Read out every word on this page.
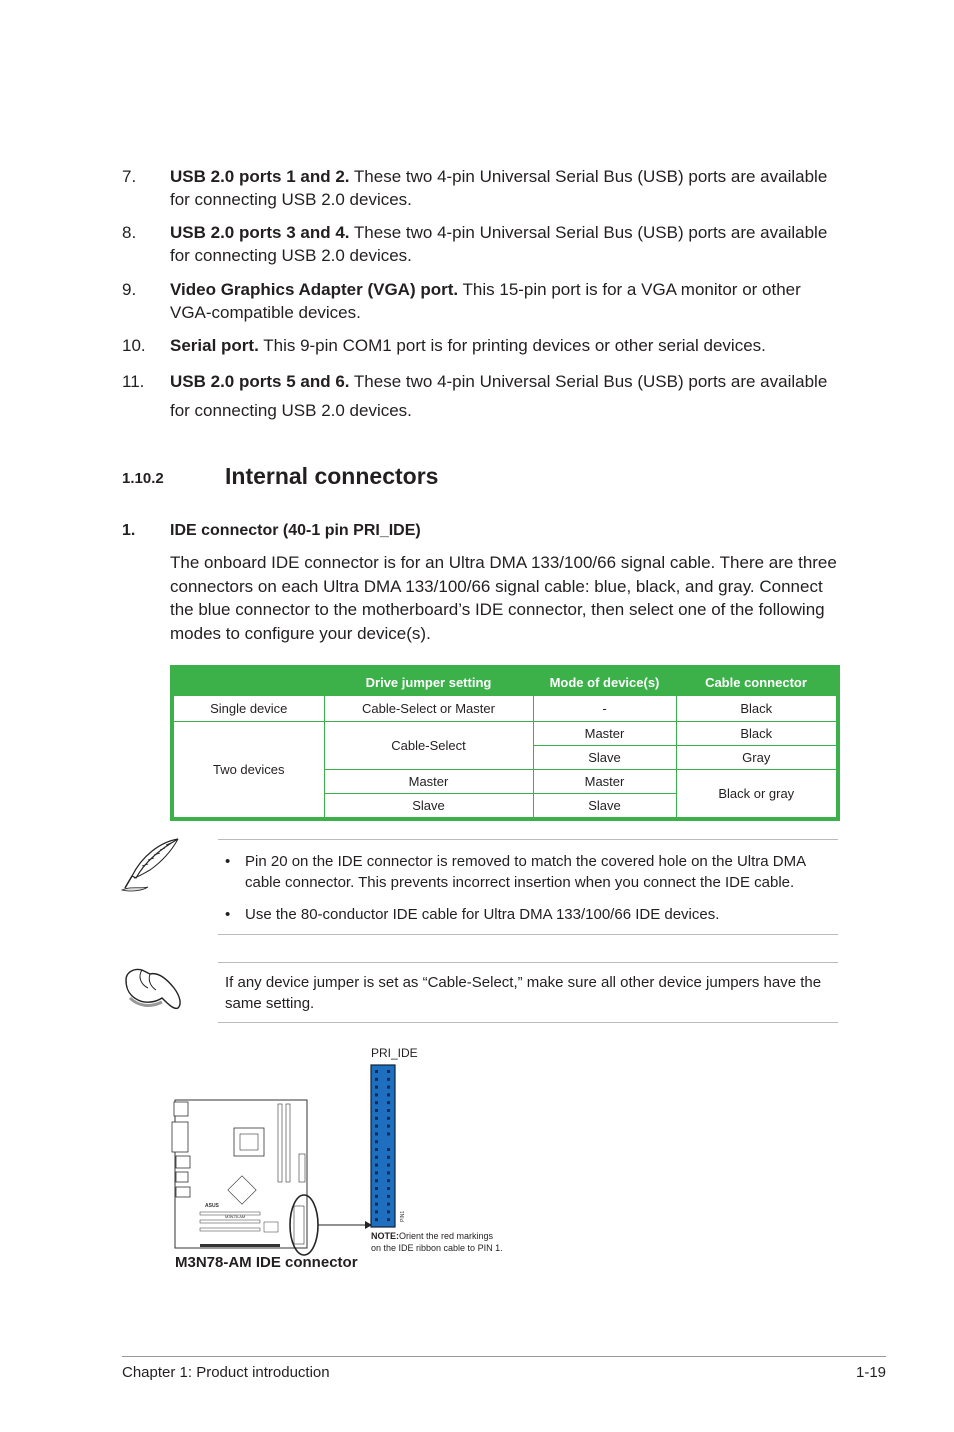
7. USB 2.0 ports 1 and 2. These two 4-pin Universal Serial Bus (USB) ports are available for connecting USB 2.0 devices.
8. USB 2.0 ports 3 and 4. These two 4-pin Universal Serial Bus (USB) ports are available for connecting USB 2.0 devices.
9. Video Graphics Adapter (VGA) port. This 15-pin port is for a VGA monitor or other VGA-compatible devices.
10. Serial port. This 9-pin COM1 port is for printing devices or other serial devices.
11. USB 2.0 ports 5 and 6. These two 4-pin Universal Serial Bus (USB) ports are available for connecting USB 2.0 devices.
1.10.2	Internal connectors
1. IDE connector (40-1 pin PRI_IDE)
The onboard IDE connector is for an Ultra DMA 133/100/66 signal cable. There are three connectors on each Ultra DMA 133/100/66 signal cable: blue, black, and gray. Connect the blue connector to the motherboard’s IDE connector, then select one of the following modes to configure your device(s).
	Drive jumper setting	Mode of device(s)	Cable connector
Single device	Cable-Select or Master	-	Black
Two devices	Cable-Select	Master	Black
		Slave	Gray
	Master	Master	Black or gray
	Slave	Slave	
• Pin 20 on the IDE connector is removed to match the covered hole on the Ultra DMA cable connector. This prevents incorrect insertion when you connect the IDE cable.
• Use the 80-conductor IDE cable for Ultra DMA 133/100/66 IDE devices.
If any device jumper is set as “Cable-Select,” make sure all other device jumpers have the same setting.
PRI_IDE
M3N78-AM
ASUS
PIN1
NOTE:Orient the red markings
on the IDE ribbon cable to PIN 1.
M3N78-AM IDE connector
Chapter 1: Product introduction	1-19
